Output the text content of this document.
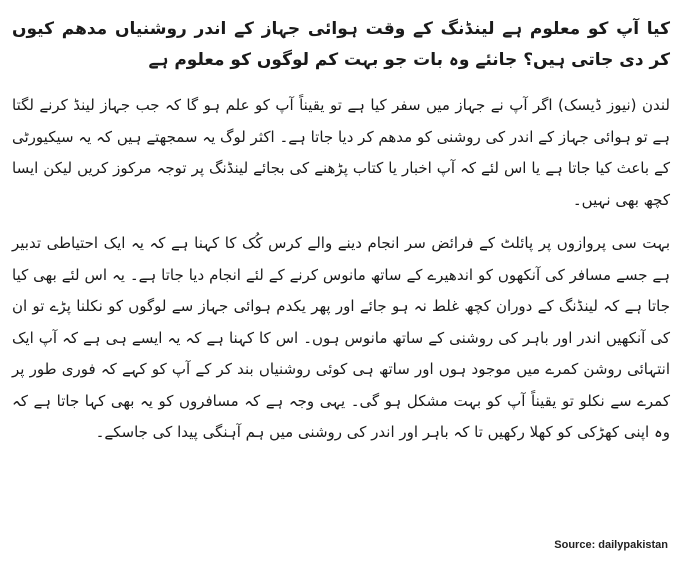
کیا آپ کو معلوم ہے لینڈنگ کے وقت ہوائی جہاز کے اندر روشنیاں مدھم کیوں کر دی جاتی ہیں؟ جانئے وہ بات جو بہت کم لوگوں کو معلوم ہے

لندن (نیوز ڈیسک) اگر آپ نے جہاز میں سفر کیا ہے تو یقیناً آپ کو علم ہو گا کہ جب جہاز لینڈ کرنے لگتا ہے تو ہوائی جہاز کے اندر کی روشنی کو مدھم کر دیا جاتا ہے۔ اکثر لوگ یہ سمجھتے ہیں کہ یہ سیکیورٹی کے باعث کیا جاتا ہے یا اس لئے کہ آپ اخبار یا کتاب پڑھنے کی بجائے لینڈنگ پر توجہ مرکوز کریں لیکن ایسا کچھ بھی نہیں۔

بہت سی پروازوں پر پائلٹ کے فرائض سر انجام دینے والے کرس کُک کا کہنا ہے کہ یہ ایک احتیاطی تدبیر ہے جسے مسافر کی آنکھوں کو اندھیرے کے ساتھ مانوس کرنے کے لئے انجام دیا جاتا ہے۔ یہ اس لئے بھی کیا جاتا ہے کہ لینڈنگ کے دوران کچھ غلط نہ ہو جائے اور پھر یکدم ہوائی جہاز سے لوگوں کو نکلنا پڑے تو ان کی آنکھیں اندر اور باہر کی روشنی کے ساتھ مانوس ہوں۔ اس کا کہنا ہے کہ یہ ایسے ہی ہے کہ آپ ایک انتہائی روشن کمرے میں موجود ہوں اور ساتھ ہی کوئی روشنیاں بند کر کے آپ کو کہے کہ فوری طور پر کمرے سے نکلو تو یقیناً آپ کو بہت مشکل ہو گی۔ یہی وجہ ہے کہ مسافروں کو یہ بھی کہا جاتا ہے کہ وہ اپنی کھڑکی کو کھلا رکھیں تا کہ باہر اور اندر کی روشنی میں ہم آہنگی پیدا کی جاسکے۔

Source: dailypakistan
